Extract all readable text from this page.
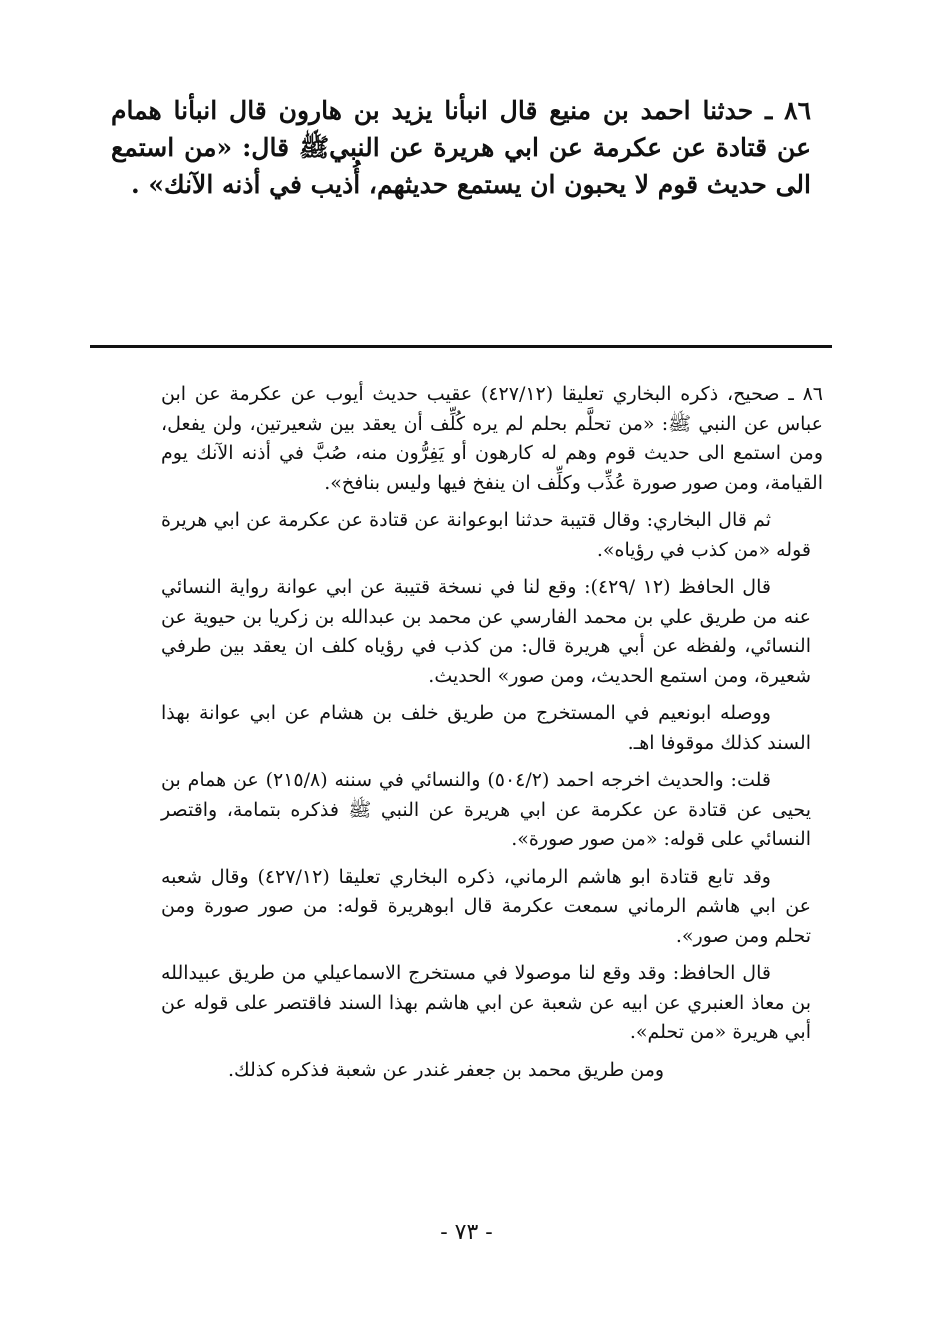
٨٦ ـ حدثنا احمد بن منيع قال انبأنا يزيد بن هارون قال انبأنا همام عن قتادة عن عكرمة عن ابي هريرة عن النبيﷺ قال: «من استمع الى حديث قوم لا يحبون ان يستمع حديثهم، أُذيب في أذنه الآنك» .

٨٦ ـ صحيح، ذكره البخاري تعليقا (٤٢٧/١٢) عقيب حديث أيوب عن عكرمة عن ابن عباس عن النبي ﷺ: «من تحلَّم بحلم لم يره كُلِّف أن يعقد بين شعيرتين، ولن يفعل، ومن استمع الى حديث قوم وهم له كارهون أو يَفِرُّون منه، صُبَّ في أذنه الآنك يوم القيامة، ومن صور صورة عُذِّب وكلِّف ان ينفخ فيها وليس بنافخ».

ثم قال البخاري: وقال قتيبة حدثنا ابوعوانة عن قتادة عن عكرمة عن ابي هريرة قوله «من كذب في رؤياه».

قال الحافظ (١٢ /٤٢٩): وقع لنا في نسخة قتيبة عن ابي عوانة رواية النسائي عنه من طريق علي بن محمد الفارسي عن محمد بن عبدالله بن زكريا بن حيوية عن النسائي، ولفظه عن أبي هريرة قال: من كذب في رؤياه كلف ان يعقد بين طرفي شعيرة، ومن استمع الحديث، ومن صور» الحديث.

ووصله ابونعيم في المستخرج من طريق خلف بن هشام عن ابي عوانة بهذا السند كذلك موقوفا اهـ.

قلت: والحديث اخرجه احمد (٥٠٤/٢) والنسائي في سننه (٢١٥/٨) عن همام بن يحيى عن قتادة عن عكرمة عن ابي هريرة عن النبي ﷺ فذكره بتمامة، واقتصر النسائي على قوله: «من صور صورة».

وقد تابع قتادة ابو هاشم الرماني، ذكره البخاري تعليقا (٤٢٧/١٢) وقال شعبه عن ابي هاشم الرماني سمعت عكرمة قال ابوهريرة قوله: من صور صورة ومن تحلم ومن صور».

قال الحافظ: وقد وقع لنا موصولا في مستخرج الاسماعيلي من طريق عبيدالله بن معاذ العنبري عن ابيه عن شعبة عن ابي هاشم بهذا السند فاقتصر على قوله عن أبي هريرة «من تحلم».

ومن طريق محمد بن جعفر غندر عن شعبة فذكره كذلك.

- ٧٣ -
